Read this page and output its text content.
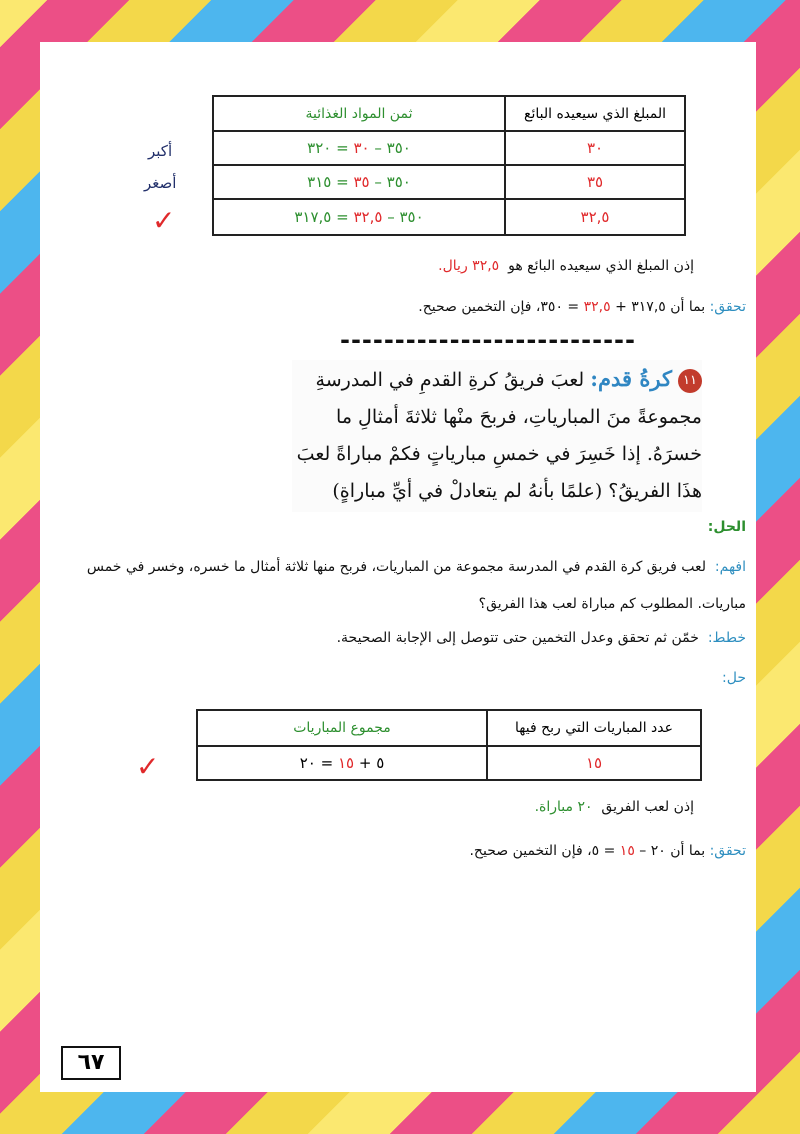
المبلغ الذي سيعيده البائع	ثمن المواد الغذائية
٣٠	٣٥٠ – ٣٠ = ٣٢٠
٣٥	٣٥٠ – ٣٥ = ٣١٥
٣٢,٥	٣٥٠ – ٣٢,٥ = ٣١٧,٥
أكبر
أصغر
✓
إذن المبلغ الذي سيعيده البائع هو  ٣٢,٥ ريال.
تحقق: بما أن ٣١٧,٥ + ٣٢,٥ = ٣٥٠، فإن التخمين صحيح.
---------------------------
١١ كرةُ قدم: لعبَ فريقُ كرةِ القدمِ في المدرسةِ مجموعةً منَ المبارياتِ، فربحَ منْها ثلاثةَ أمثالِ ما خسرَهُ. إذا خَسِرَ في خمسِ مبارياتٍ فكمْ مباراةً لعبَ هذَا الفريقُ؟ (علمًا بأنهُ لم يتعادلْ في أيِّ مباراةٍ)
الحل:
افهم:  لعب فريق كرة القدم في المدرسة مجموعة من المباريات، فربح منها ثلاثة أمثال ما خسره، وخسر في خمس مباريات. المطلوب كم مباراة لعب هذا الفريق؟
خطط:  خمّن ثم تحقق وعدل التخمين حتى تتوصل إلى الإجابة الصحيحة.
حل:
عدد المباريات التي ربح فيها	مجموع المباريات
١٥	٥ + ١٥ = ٢٠
✓
إذن لعب الفريق  ٢٠ مباراة.
تحقق: بما أن ٢٠ – ١٥ = ٥، فإن التخمين صحيح.
٦٧
